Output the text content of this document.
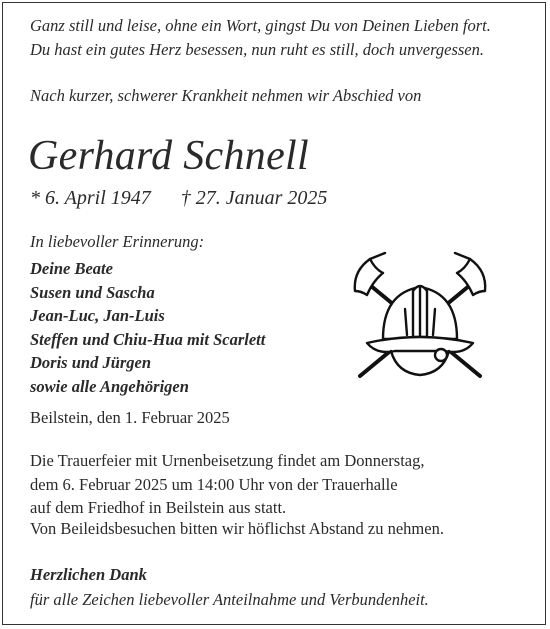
Ganz still und leise, ohne ein Wort, gingst Du von Deinen Lieben fort.
Du hast ein gutes Herz besessen, nun ruht es still, doch unvergessen.
Nach kurzer, schwerer Krankheit nehmen wir Abschied von
Gerhard Schnell
* 6. April 1947 † 27. Januar 2025
In liebevoller Erinnerung:
Deine Beate
Susen und Sascha
Jean-Luc, Jan-Luis
Steffen und Chiu-Hua mit Scarlett
Doris und Jürgen
sowie alle Angehörigen
Beilstein, den 1. Februar 2025
Die Trauerfeier mit Urnenbeisetzung findet am Donnerstag,
dem 6. Februar 2025 um 14:00 Uhr von der Trauerhalle
auf dem Friedhof in Beilstein aus statt.
Von Beileidsbesuchen bitten wir höflichst Abstand zu nehmen.
Herzlichen Dank
für alle Zeichen liebevoller Anteilnahme und Verbundenheit.
